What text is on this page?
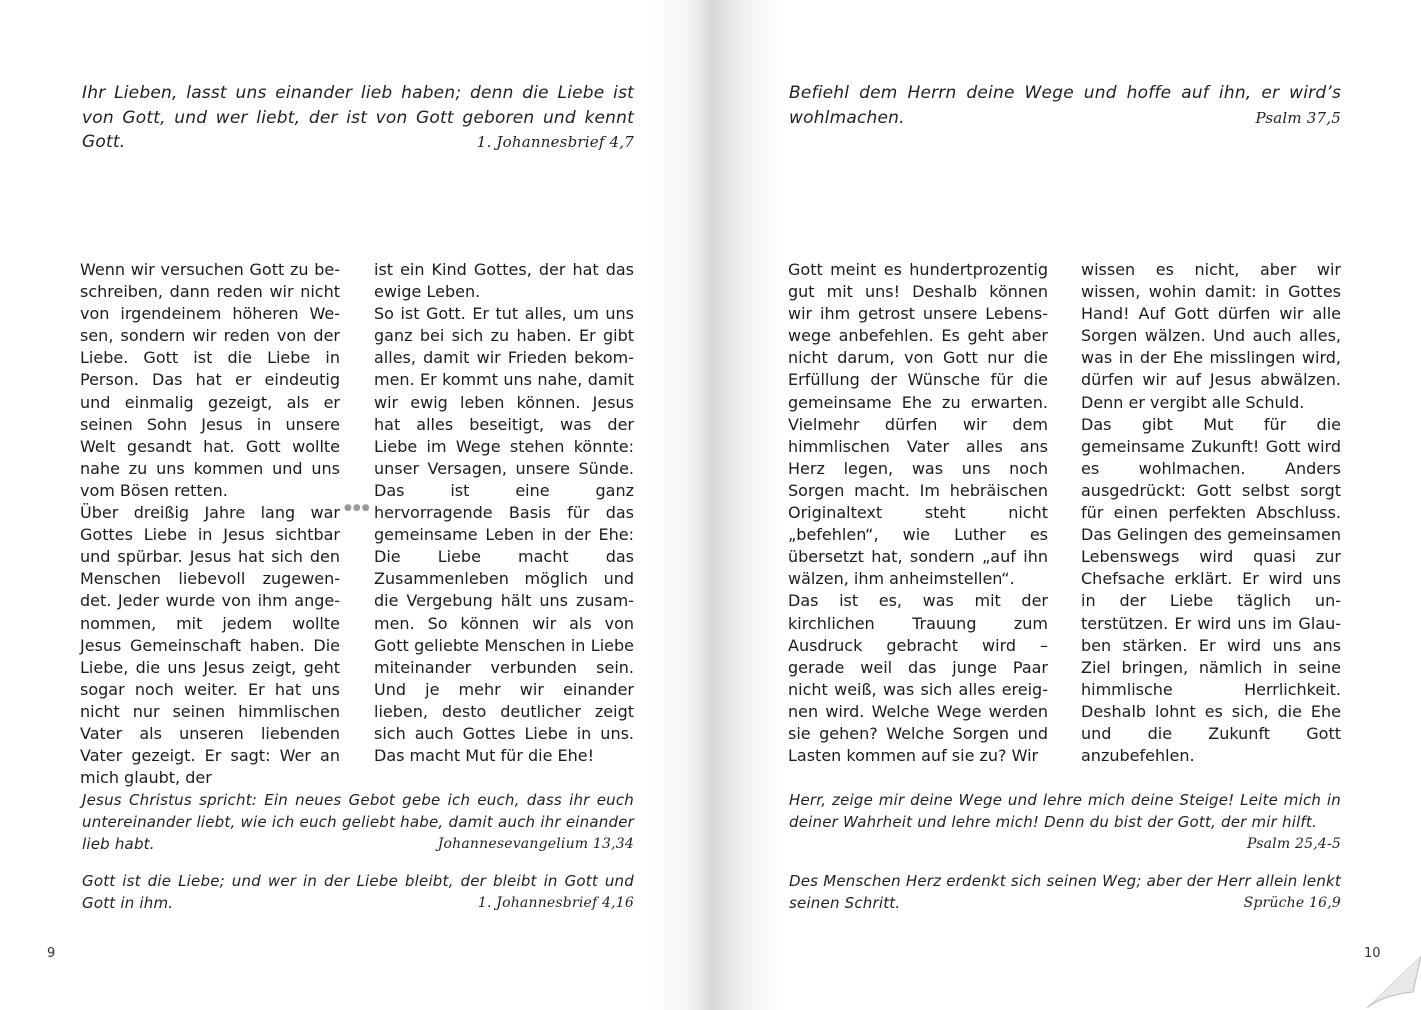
Ihr Lieben, lasst uns einander lieb haben; denn die Liebe ist von Gott, und wer liebt, der ist von Gott geboren und kennt Gott.	1. Johannesbrief 4,7

Wenn wir versuchen Gott zu beschreiben, dann reden wir nicht von irgendeinem höheren Wesen, sondern wir reden von der Liebe. Gott ist die Liebe in Person. Das hat er eindeutig und einmalig gezeigt, als er seinen Sohn Jesus in unsere Welt gesandt hat. Gott wollte nahe zu uns kommen und uns vom Bösen retten.

Über dreißig Jahre lang war Gottes Liebe in Jesus sichtbar und spürbar. Jesus hat sich den Menschen liebevoll zugewendet. Jeder wurde von ihm angenommen, mit jedem wollte Jesus Gemeinschaft haben. Die Liebe, die uns Jesus zeigt, geht sogar noch weiter. Er hat uns nicht nur seinen himmlischen Vater als unseren liebenden Vater gezeigt. Er sagt: Wer an mich glaubt, der

●●●

ist ein Kind Gottes, der hat das ewige Leben.

So ist Gott. Er tut alles, um uns ganz bei sich zu haben. Er gibt alles, damit wir Frieden bekommen. Er kommt uns nahe, damit wir ewig leben können. Jesus hat alles beseitigt, was der Liebe im Wege stehen könnte: unser Versagen, unsere Sünde. Das ist eine ganz hervorragende Basis für das gemeinsame Leben in der Ehe: Die Liebe macht das Zusammenleben möglich und die Vergebung hält uns zusammen. So können wir als von Gott geliebte Menschen in Liebe miteinander verbunden sein. Und je mehr wir einander lieben, desto deutlicher zeigt sich auch Gottes Liebe in uns. Das macht Mut für die Ehe!

Jesus Christus spricht: Ein neues Gebot gebe ich euch, dass ihr euch untereinander liebt, wie ich euch geliebt habe, damit auch ihr einander lieb habt.	Johannesevangelium 13,34
Gott ist die Liebe; und wer in der Liebe bleibt, der bleibt in Gott und Gott in ihm.	1. Johannesbrief 4,16
9
Befiehl dem Herrn deine Wege und hoffe auf ihn, er wird’s wohlmachen.	Psalm 37,5

Gott meint es hundertprozentig gut mit uns! Deshalb können wir ihm getrost unsere Lebenswege anbefehlen. Es geht aber nicht darum, von Gott nur die Erfüllung der Wünsche für die gemeinsame Ehe zu erwarten. Vielmehr dürfen wir dem himmlischen Vater alles ans Herz legen, was uns noch Sorgen macht. Im hebräischen Originaltext steht nicht „befehlen“, wie Luther es übersetzt hat, sondern „auf ihn wälzen, ihm anheimstellen“.

Das ist es, was mit der kirchlichen Trauung zum Ausdruck gebracht wird – gerade weil das junge Paar nicht weiß, was sich alles ereignen wird. Welche Wege werden sie gehen? Welche Sorgen und Lasten kommen auf sie zu? Wir

wissen es nicht, aber wir wissen, wohin damit: in Gottes Hand! Auf Gott dürfen wir alle Sorgen wälzen. Und auch alles, was in der Ehe misslingen wird, dürfen wir auf Jesus abwälzen. Denn er vergibt alle Schuld.

Das gibt Mut für die gemeinsame Zukunft! Gott wird es wohlmachen. Anders ausgedrückt: Gott selbst sorgt für einen perfekten Abschluss. Das Gelingen des gemeinsamen Lebenswegs wird quasi zur Chefsache erklärt. Er wird uns in der Liebe täglich unterstützen. Er wird uns im Glauben stärken. Er wird uns ans Ziel bringen, nämlich in seine himmlische Herrlichkeit. Deshalb lohnt es sich, die Ehe und die Zukunft Gott anzubefehlen.

Herr, zeige mir deine Wege und lehre mich deine Steige! Leite mich in deiner Wahrheit und lehre mich! Denn du bist der Gott, der mir hilft.
Psalm 25,4-5
Des Menschen Herz erdenkt sich seinen Weg; aber der Herr allein lenkt seinen Schritt.	Sprüche 16,9
10
